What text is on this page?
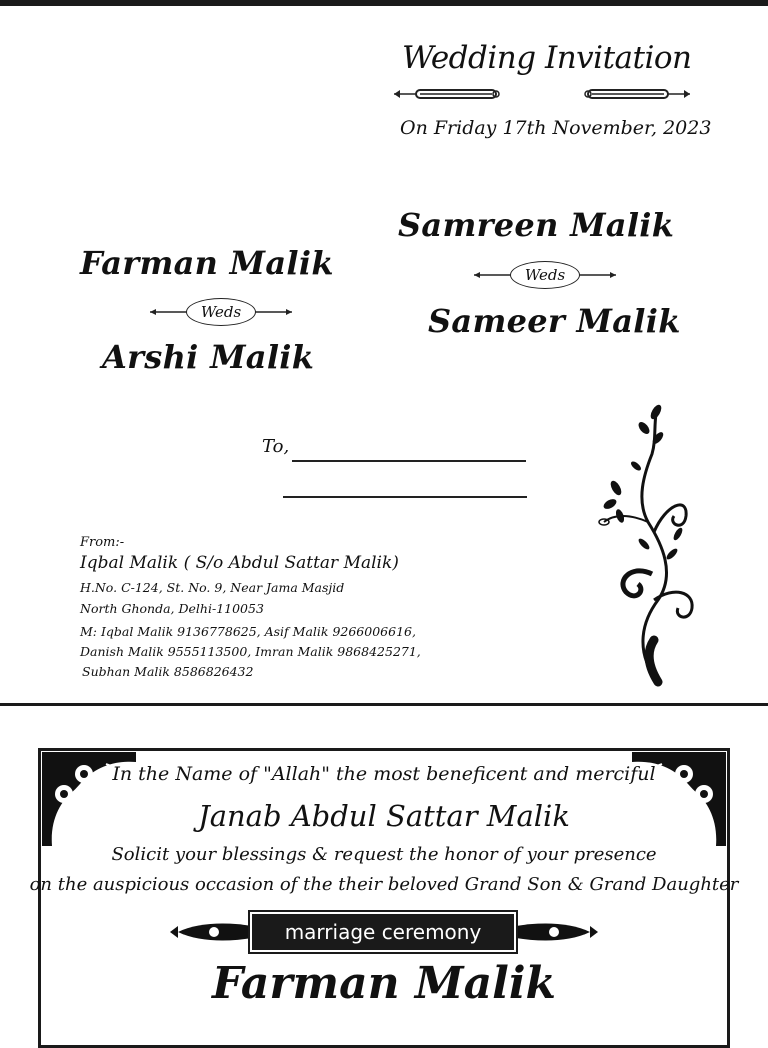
Wedding Invitation
On Friday 17th November, 2023
Farman Malik
Weds
Arshi Malik
Samreen Malik
Weds
Sameer Malik
To,
From:-
Iqbal Malik ( S/o Abdul Sattar Malik)
H.No. C-124, St. No. 9, Near Jama Masjid
North Ghonda, Delhi-110053
M: Iqbal Malik 9136778625, Asif Malik 9266006616,
Danish Malik 9555113500, Imran Malik 9868425271,
Subhan Malik 8586826432
In the Name of "Allah" the most beneficent and merciful
Janab Abdul Sattar Malik
Solicit your blessings & request the honor of your presence
on the auspicious occasion of the their beloved Grand Son & Grand Daughter
marriage ceremony
Farman Malik
